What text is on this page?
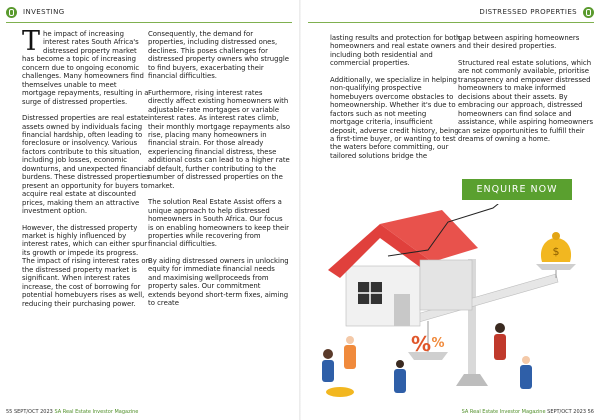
INVESTING	DISTRESSED PROPERTIES

The impact of increasing interest rates South Africa's distressed property market has become a topic of increasing concern due to ongoing economic challenges. Many homeowners find themselves unable to meet mortgage repayments, resulting in a surge of distressed properties.

Distressed properties are real estate assets owned by individuals facing financial hardship, often leading to foreclosure or insolvency. Various factors contribute to this situation, including job losses, economic downturns, and unexpected financial burdens. These distressed properties present an opportunity for buyers to acquire real estate at discounted prices, making them an attractive investment option.

However, the distressed property market is highly influenced by interest rates, which can either spur its growth or impede its progress. The impact of rising interest rates on the distressed property market is significant. When interest rates increase, the cost of borrowing for potential homebuyers rises as well, reducing their purchasing power.

Consequently, the demand for properties, including distressed ones, declines. This poses challenges for distressed property owners who struggle to find buyers, exacerbating their financial difficulties.

Furthermore, rising interest rates directly affect existing homeowners with adjustable-rate mortgages or variable interest rates. As interest rates climb, their monthly mortgage repayments also rise, placing many homeowners in financial strain. For those already experiencing financial distress, these additional costs can lead to a higher rate of default, further contributing to the number of distressed properties on the market.

The solution Real Estate Assist offers a unique approach to help distressed homeowners in South Africa. Our focus is on enabling homeowners to keep their properties while recovering from financial difficulties.

By aiding distressed owners in unlocking equity for immediate financial needs and maximising wellproceeds from property sales. Our commitment extends beyond short-term fixes, aiming to create

lasting results and protection for both homeowners and real estate owners including both residential and commercial properties.

Additionally, we specialize in helping non-qualifying prospective homebuyers overcome obstacles to homeownership. Whether it's due to factors such as not meeting mortgage criteria, insufficient deposit, adverse credit history, being a first-time buyer, or wanting to test the waters before committing, our tailored solutions bridge the

gap between aspiring homeowners and their desired properties.

Structured real estate solutions, which are not commonly available, prioritise transparency and empower distressed homeowners to make informed decisions about their assets. By embracing our approach, distressed homeowners can find solace and assistance, while aspiring homeowners can seize opportunities to fulfill their dreams of owning a home.

ENQUIRE NOW
$
% %
55 SEPT/OCT 2023 SA Real Estate Investor Magazine	SA Real Estate Investor Magazine SEPT/OCT 2023 56
